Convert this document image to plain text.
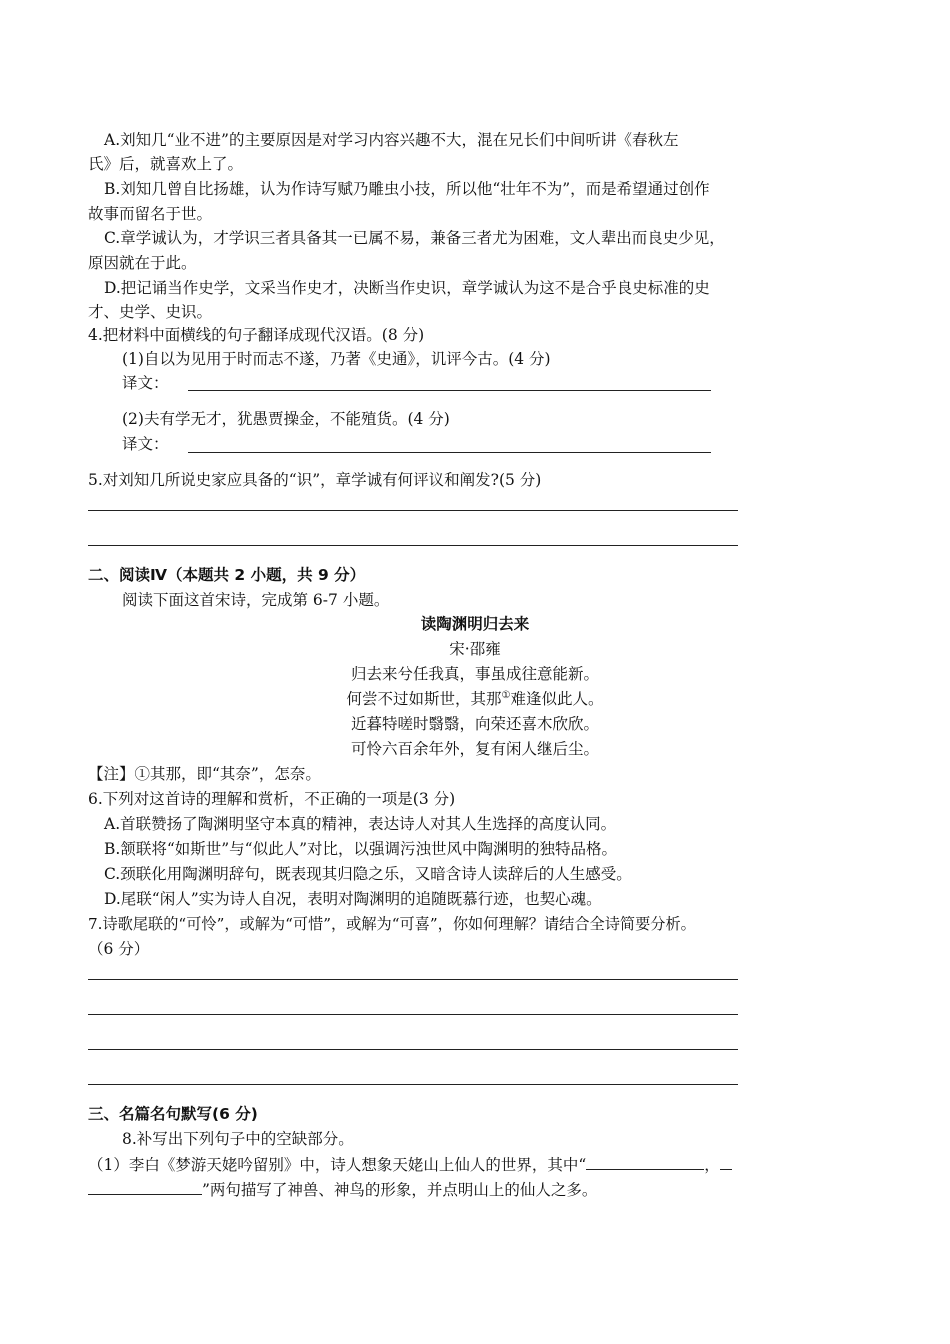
A.刘知几“业不进”的主要原因是对学习内容兴趣不大，混在兄长们中间听讲《春秋左
氏》后，就喜欢上了。
B.刘知几曾自比扬雄，认为作诗写赋乃雕虫小技，所以他“壮年不为”，而是希望通过创作
故事而留名于世。
C.章学诚认为，才学识三者具备其一已属不易，兼备三者尤为困难，文人辈出而良史少见，
原因就在于此。
D.把记诵当作史学，文采当作史才，决断当作史识，章学诚认为这不是合乎良史标准的史
才、史学、史识。
4.把材料中面横线的句子翻译成现代汉语。(8 分)
(1)自以为见用于时而志不遂，乃著《史通》，讥评今古。(4 分)
译文：
(2)夫有学无才，犹愚贾操金，不能殖货。(4 分)
译文：
5.对刘知几所说史家应具备的“识”，章学诚有何评议和阐发?(5 分)
二、阅读Ⅳ（本题共 2 小题，共 9 分）
阅读下面这首宋诗，完成第 6-7 小题。
读陶渊明归去来
宋·邵雍
归去来兮任我真，事虽成往意能新。
何尝不过如斯世，其那①难逢似此人。
近暮特嗟时翳翳，向荣还喜木欣欣。
可怜六百余年外，复有闲人继后尘。
【注】①其那，即“其奈”，怎奈。
6.下列对这首诗的理解和赏析，不正确的一项是(3 分)
A.首联赞扬了陶渊明坚守本真的精神，表达诗人对其人生选择的高度认同。
B.颔联将“如斯世”与“似此人”对比，以强调污浊世风中陶渊明的独特品格。
C.颈联化用陶渊明辞句，既表现其归隐之乐，又暗含诗人读辞后的人生感受。
D.尾联“闲人”实为诗人自况，表明对陶渊明的追随既慕行迹，也契心魂。
7.诗歌尾联的“可怜”，或解为“可惜”，或解为“可喜”，你如何理解？请结合全诗简要分析。
（6 分）
三、名篇名句默写(6 分)
8.补写出下列句子中的空缺部分。
（1）李白《梦游天姥吟留别》中，诗人想象天姥山上仙人的世界，其中“	，
”两句描写了神兽、神鸟的形象，并点明山上的仙人之多。
